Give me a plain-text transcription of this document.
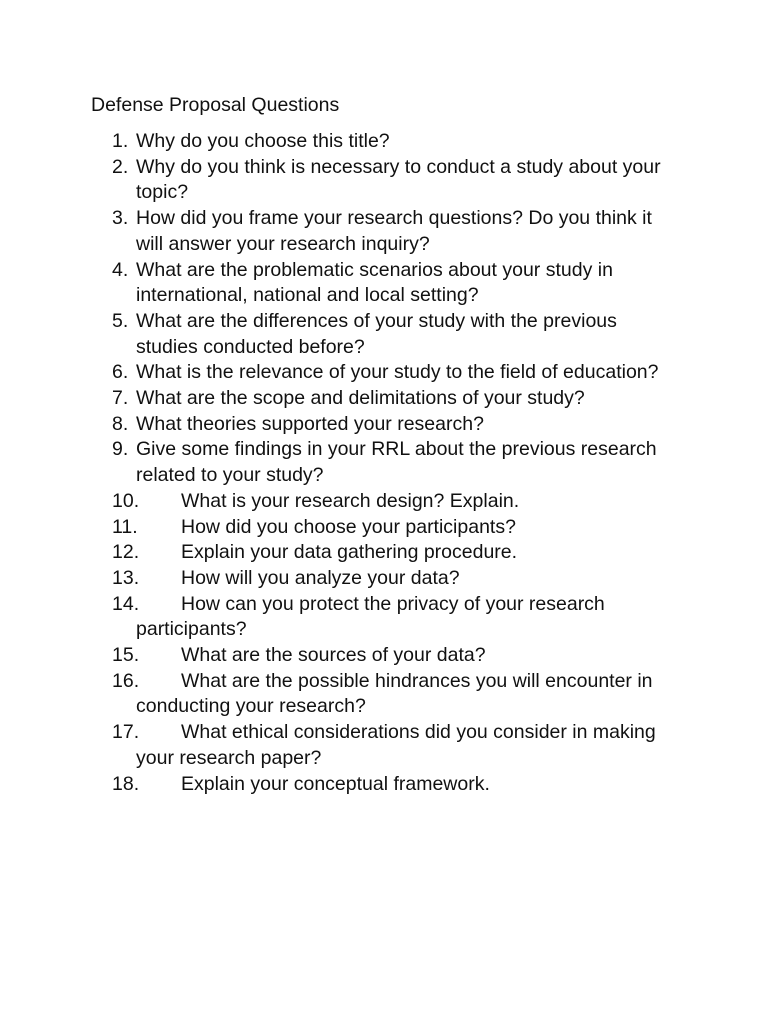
Defense Proposal Questions
1. Why do you choose this title?
2. Why do you think is necessary to conduct a study about your
topic?
3. How did you frame your research questions? Do you think it
will answer your research inquiry?
4. What are the problematic scenarios about your study in
international, national and local setting?
5. What are the differences of your study with the previous
studies conducted before?
6. What is the relevance of your study to the field of education?
7. What are the scope and delimitations of your study?
8. What theories supported your research?
9. Give some findings in your RRL about the previous research
related to your study?
10.	What is your research design? Explain.
11.	How did you choose your participants?
12.	Explain your data gathering procedure.
13.	How will you analyze your data?
14.	How can you protect the privacy of your research
participants?
15.	What are the sources of your data?
16.	What are the possible hindrances you will encounter in
conducting your research?
17.	What ethical considerations did you consider in making
your research paper?
18.	Explain your conceptual framework.
